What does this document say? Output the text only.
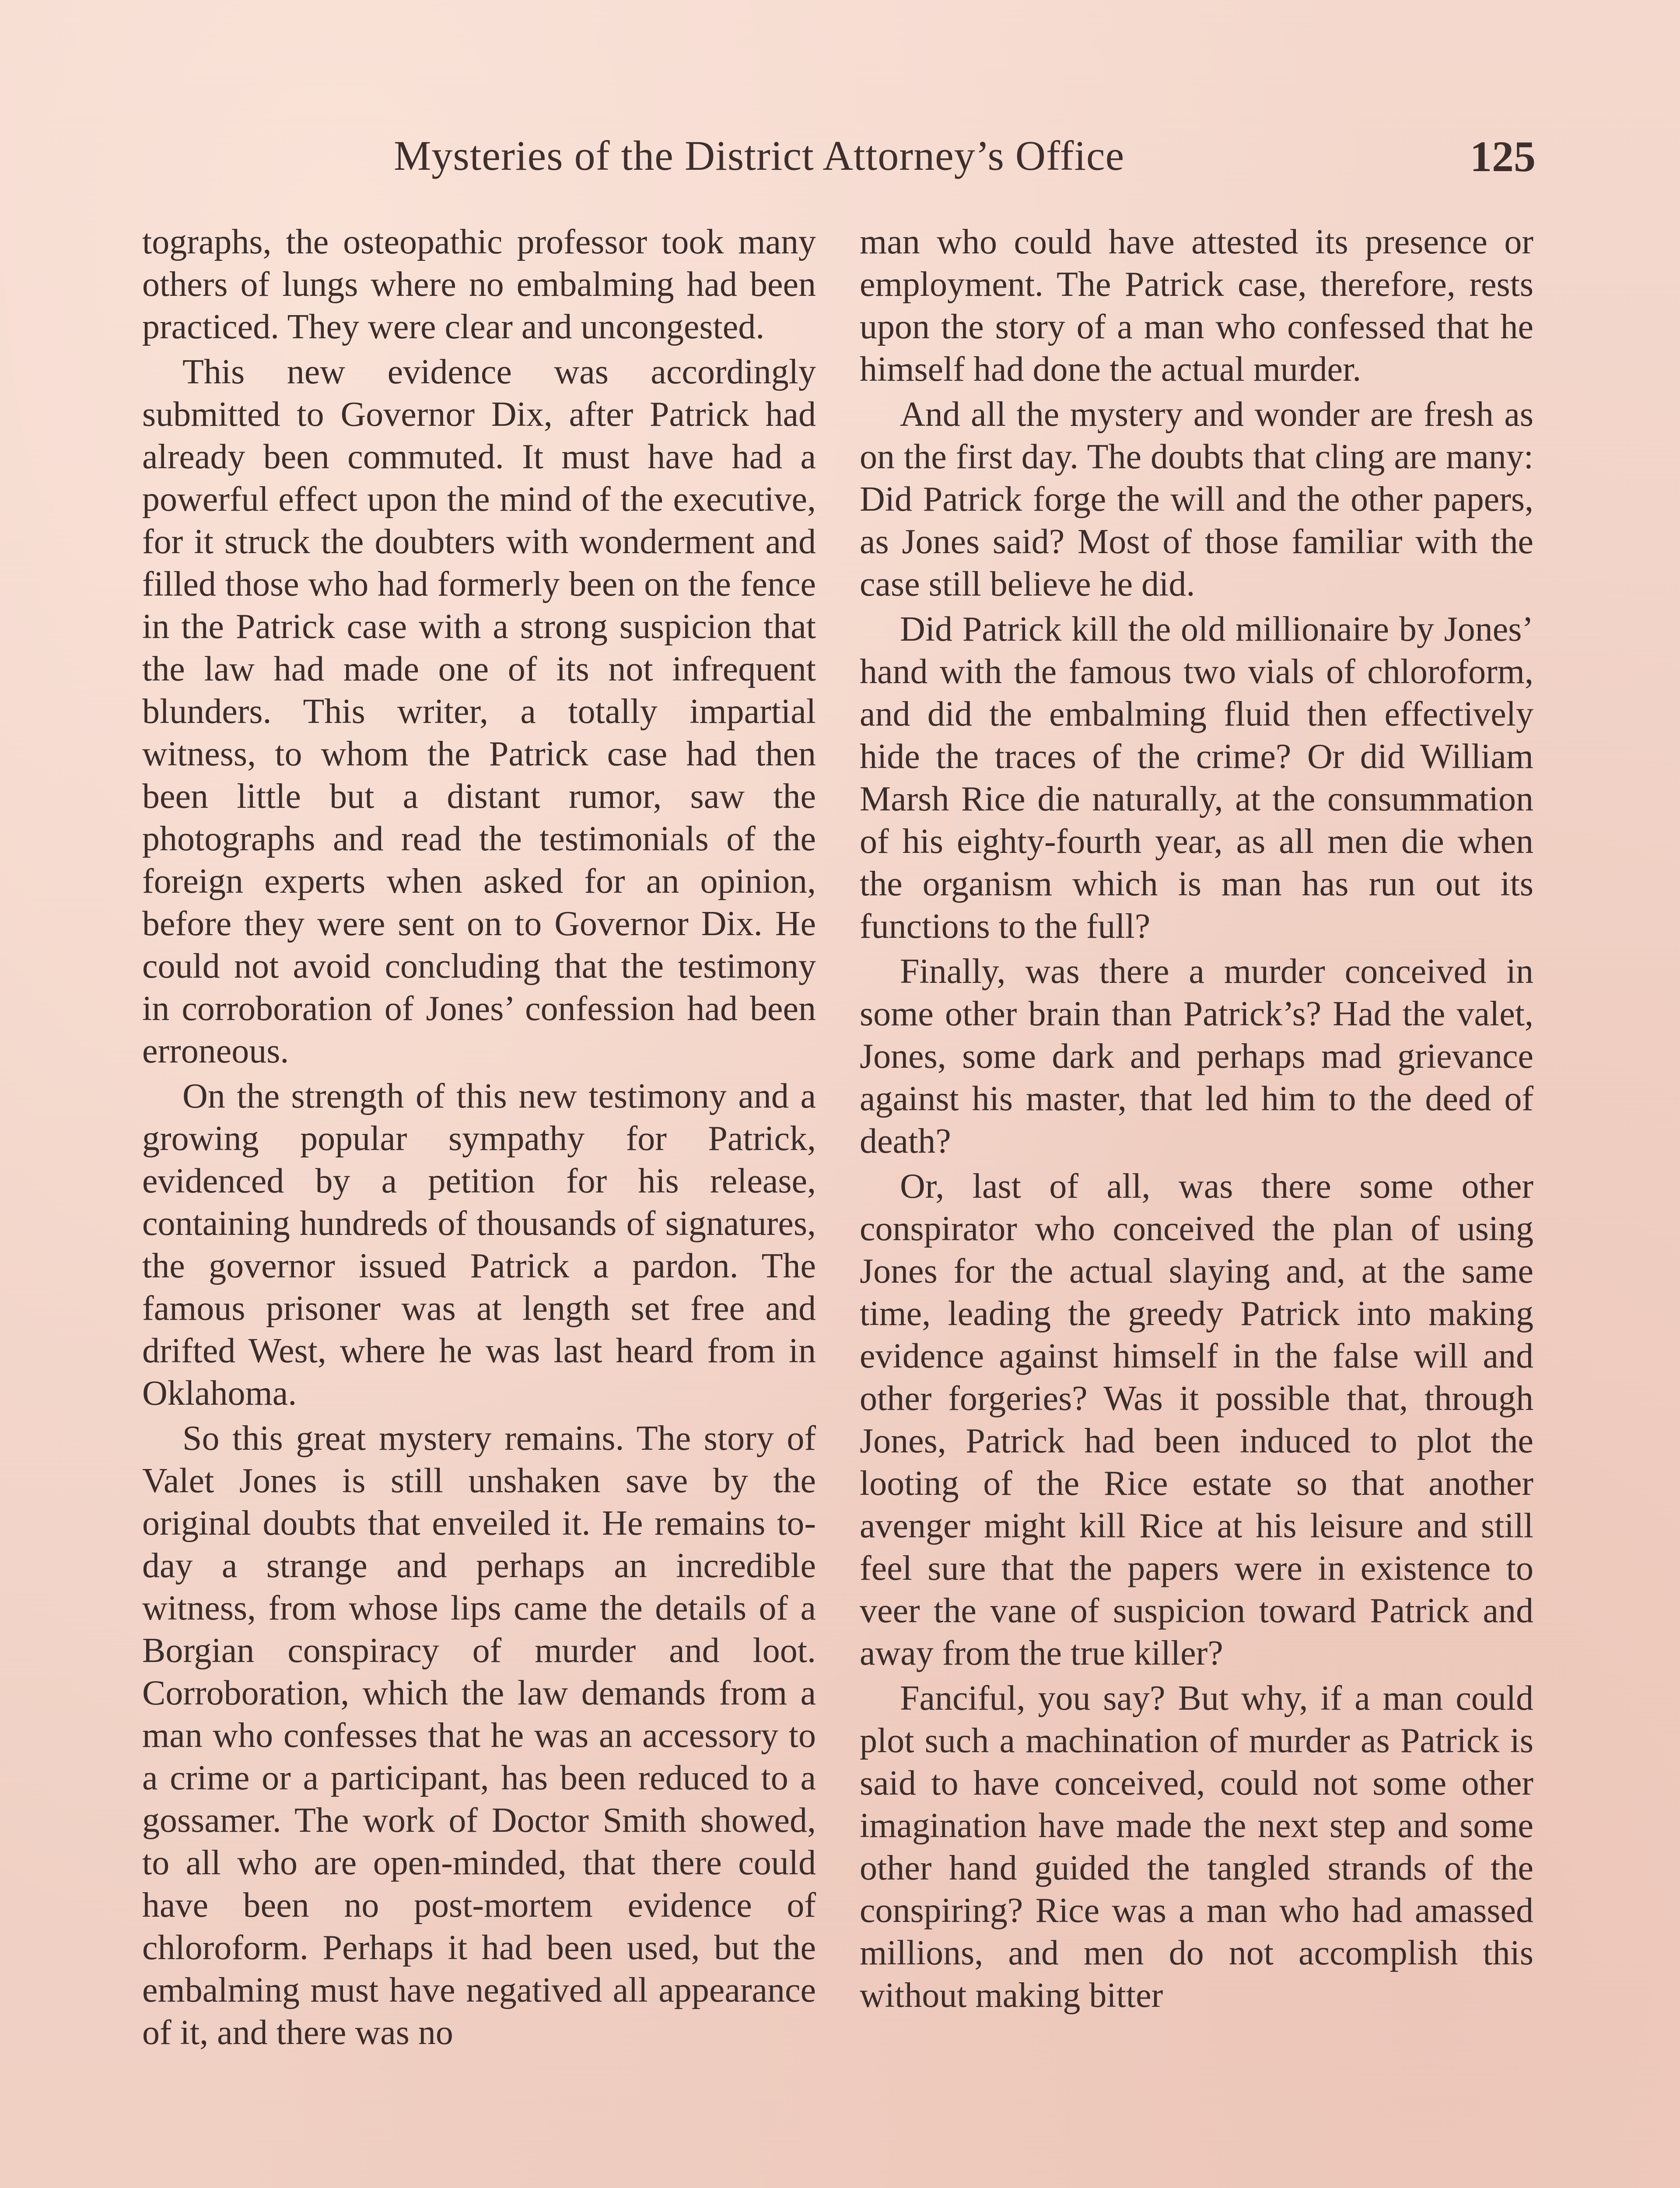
Mysteries of the District Attorney’s Office	125

tographs, the osteopathic professor took many others of lungs where no embalming had been practiced. They were clear and uncongested.

This new evidence was accordingly submitted to Governor Dix, after Patrick had already been commuted. It must have had a powerful effect upon the mind of the executive, for it struck the doubters with wonderment and filled those who had formerly been on the fence in the Patrick case with a strong suspicion that the law had made one of its not infrequent blunders. This writer, a totally impartial witness, to whom the Patrick case had then been little but a distant rumor, saw the photographs and read the testimonials of the foreign experts when asked for an opinion, before they were sent on to Governor Dix. He could not avoid concluding that the testimony in corroboration of Jones’ confession had been erroneous.

On the strength of this new testimony and a growing popular sympathy for Patrick, evidenced by a petition for his release, containing hundreds of thousands of signatures, the governor issued Patrick a pardon. The famous prisoner was at length set free and drifted West, where he was last heard from in Oklahoma.

So this great mystery remains. The story of Valet Jones is still unshaken save by the original doubts that enveiled it. He remains to-day a strange and perhaps an incredible witness, from whose lips came the details of a Borgian conspiracy of murder and loot. Corroboration, which the law demands from a man who confesses that he was an accessory to a crime or a participant, has been reduced to a gossamer. The work of Doctor Smith showed, to all who are open-minded, that there could have been no post-mortem evidence of chloroform. Perhaps it had been used, but the embalming must have negatived all appearance of it, and there was no

man who could have attested its presence or employment. The Patrick case, therefore, rests upon the story of a man who confessed that he himself had done the actual murder.

And all the mystery and wonder are fresh as on the first day. The doubts that cling are many: Did Patrick forge the will and the other papers, as Jones said? Most of those familiar with the case still believe he did.

Did Patrick kill the old millionaire by Jones’ hand with the famous two vials of chloroform, and did the embalming fluid then effectively hide the traces of the crime? Or did William Marsh Rice die naturally, at the consummation of his eighty-fourth year, as all men die when the organism which is man has run out its functions to the full?

Finally, was there a murder conceived in some other brain than Patrick’s? Had the valet, Jones, some dark and perhaps mad grievance against his master, that led him to the deed of death?

Or, last of all, was there some other conspirator who conceived the plan of using Jones for the actual slaying and, at the same time, leading the greedy Patrick into making evidence against himself in the false will and other forgeries? Was it possible that, through Jones, Patrick had been induced to plot the looting of the Rice estate so that another avenger might kill Rice at his leisure and still feel sure that the papers were in existence to veer the vane of suspicion toward Patrick and away from the true killer?

Fanciful, you say? But why, if a man could plot such a machination of murder as Patrick is said to have conceived, could not some other imagination have made the next step and some other hand guided the tangled strands of the conspiring? Rice was a man who had amassed millions, and men do not accomplish this without making bitter
